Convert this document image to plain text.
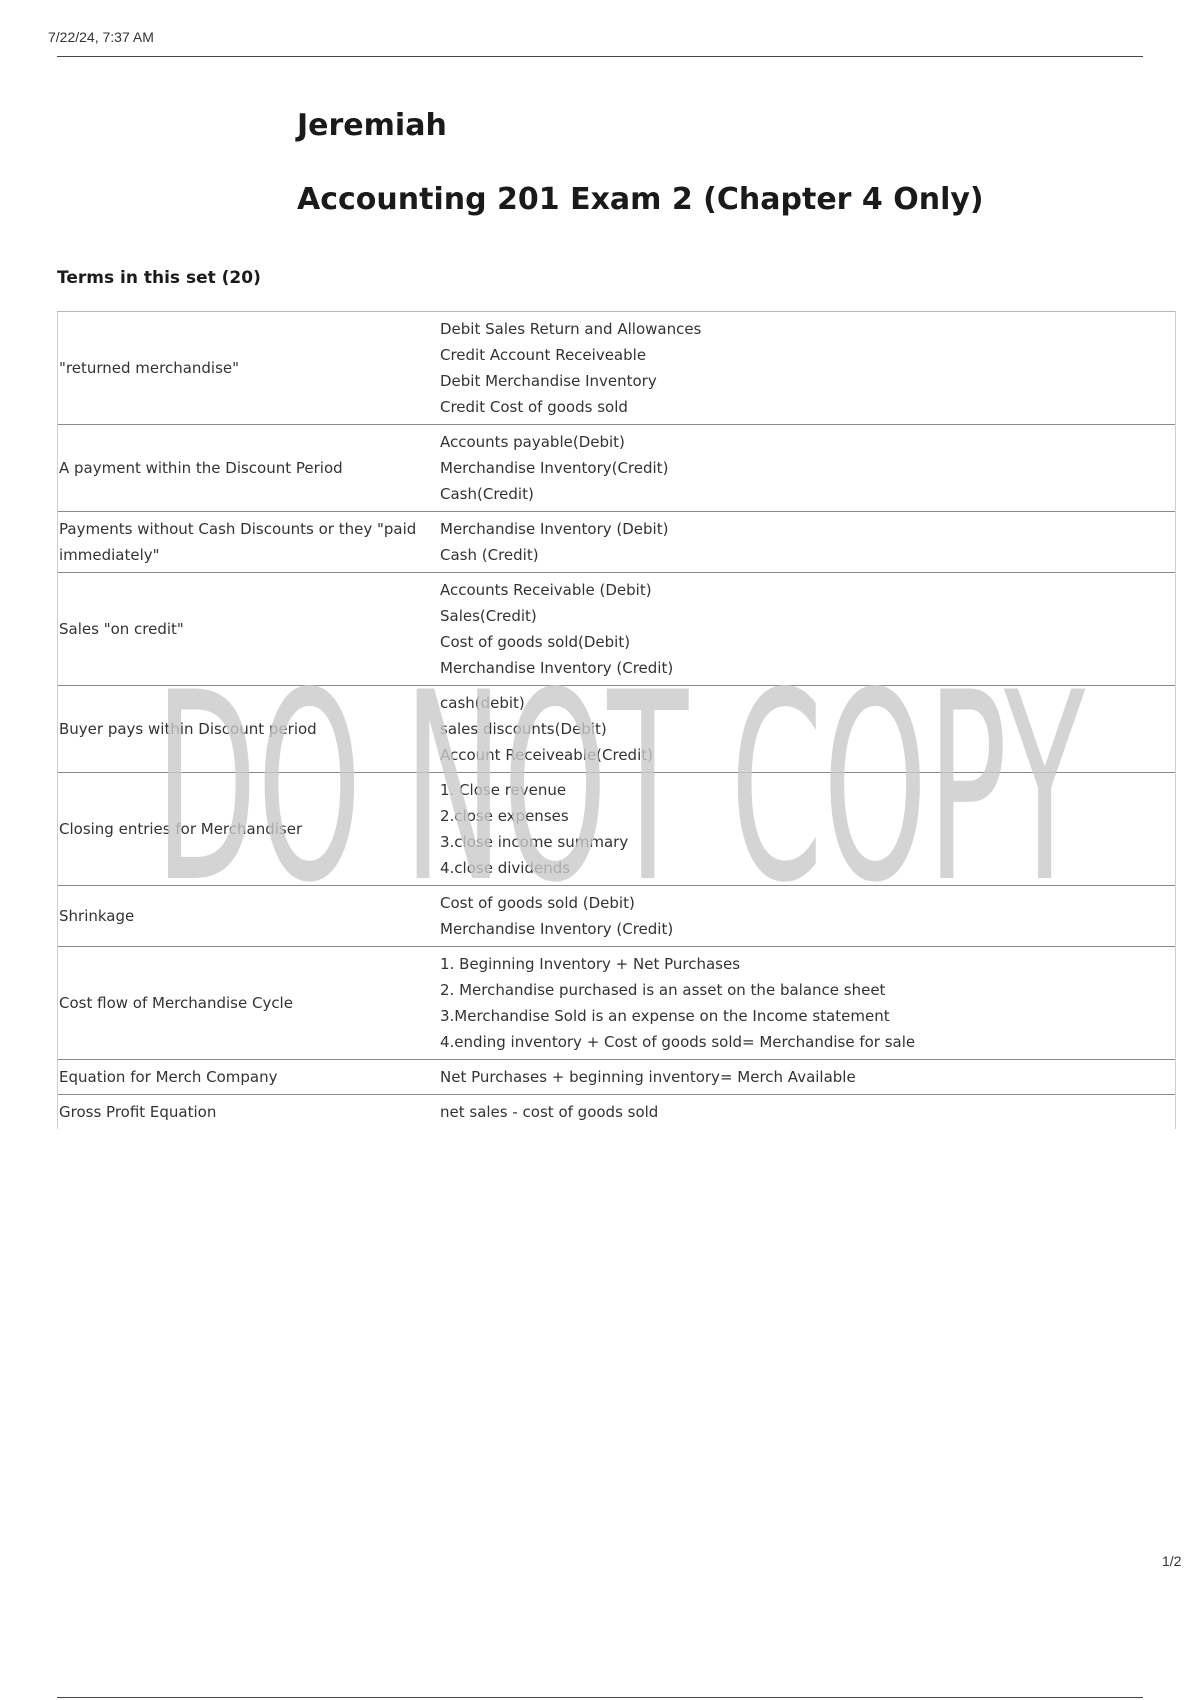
7/22/24, 7:37 AM
Jeremiah
Accounting 201 Exam 2 (Chapter 4 Only)
Terms in this set (20)
"returned merchandise"	Debit Sales Return and Allowances
Credit Account Receiveable
Debit Merchandise Inventory
Credit Cost of goods sold

A payment within the Discount Period	Accounts payable(Debit)
Merchandise Inventory(Credit)
Cash(Credit)

Payments without Cash Discounts or they "paid immediately"	Merchandise Inventory (Debit)
Cash (Credit)

Sales "on credit"	Accounts Receivable (Debit)
Sales(Credit)
Cost of goods sold(Debit)
Merchandise Inventory (Credit)

Buyer pays within Discount period	cash(debit)
sales discounts(Debit)
Account Receiveable(Credit)

Closing entries for Merchandiser	1. Close revenue
2.close expenses
3.close income summary
4.close dividends

Shrinkage	Cost of goods sold (Debit)
Merchandise Inventory (Credit)

Cost flow of Merchandise Cycle	1. Beginning Inventory + Net Purchases
2. Merchandise purchased is an asset on the balance sheet
3.Merchandise Sold is an expense on the Income statement
4.ending inventory + Cost of goods sold= Merchandise for sale

Equation for Merch Company	Net Purchases + beginning inventory= Merch Available

Gross Profit Equation	net sales - cost of goods sold
DO NOT COPY
1/2
